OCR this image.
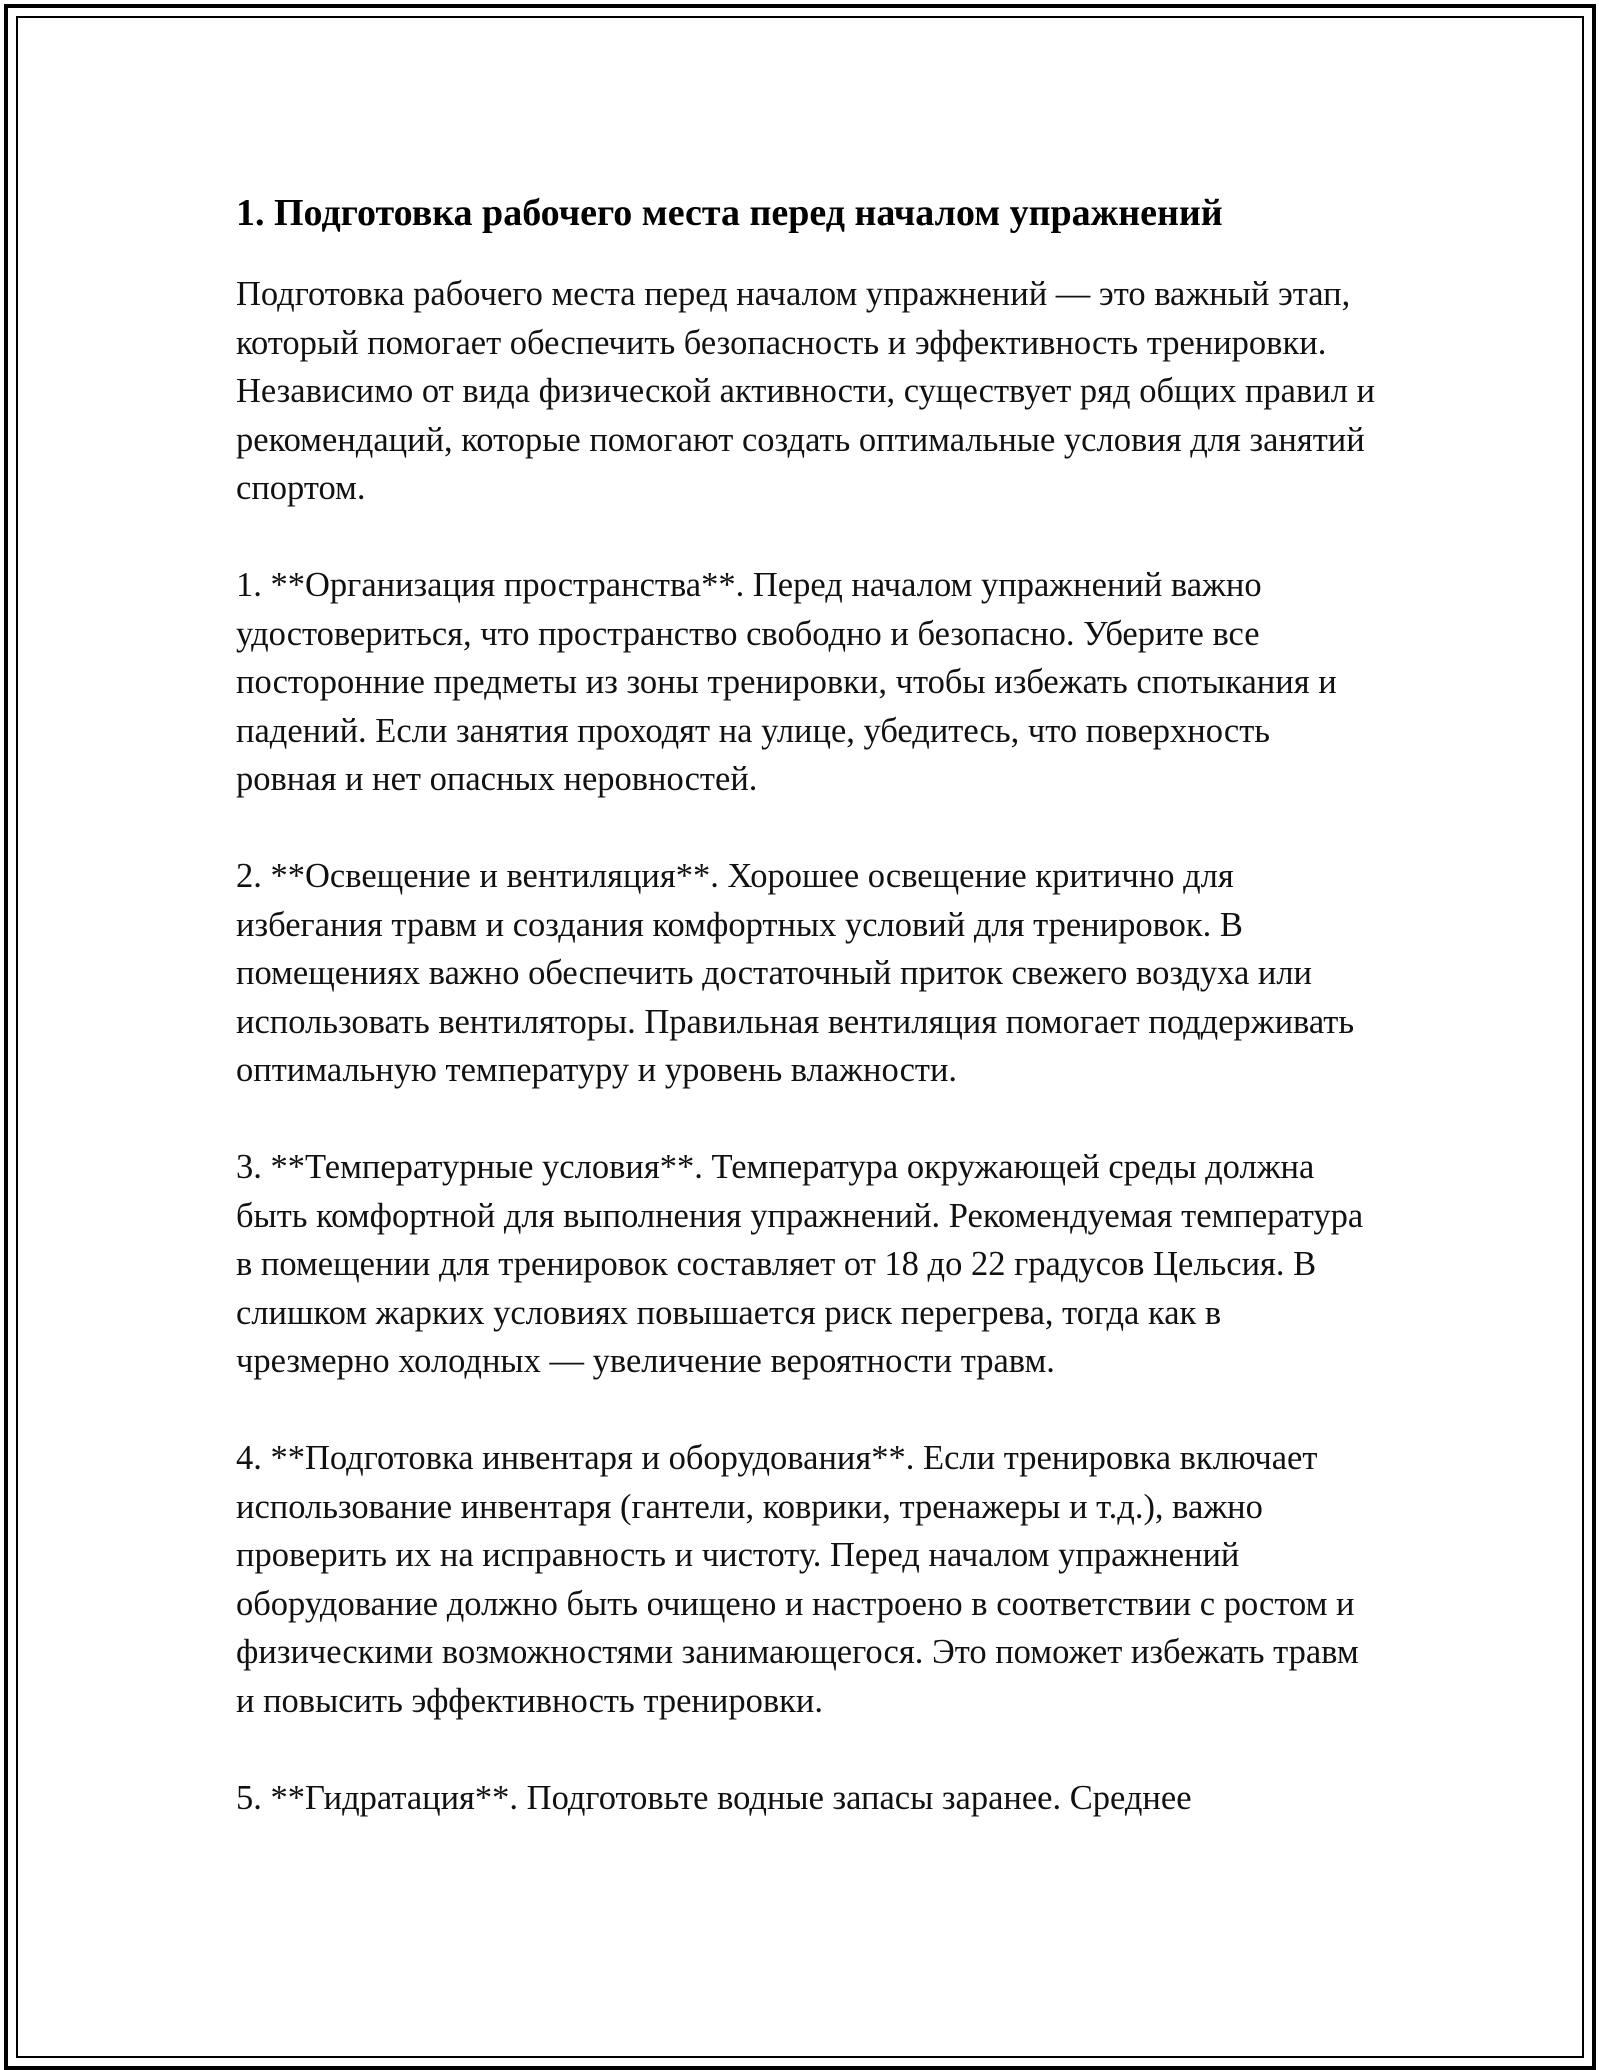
1. Подготовка рабочего места перед началом упражнений

Подготовка рабочего места перед началом упражнений — это важный этап, который помогает обеспечить безопасность и эффективность тренировки. Независимо от вида физической активности, существует ряд общих правил и рекомендаций, которые помогают создать оптимальные условия для занятий спортом.

1. **Организация пространства**. Перед началом упражнений важно удостовериться, что пространство свободно и безопасно. Уберите все посторонние предметы из зоны тренировки, чтобы избежать спотыкания и падений. Если занятия проходят на улице, убедитесь, что поверхность ровная и нет опасных неровностей.

2. **Освещение и вентиляция**. Хорошее освещение критично для избегания травм и создания комфортных условий для тренировок. В помещениях важно обеспечить достаточный приток свежего воздуха или использовать вентиляторы. Правильная вентиляция помогает поддерживать оптимальную температуру и уровень влажности.

3. **Температурные условия**. Температура окружающей среды должна быть комфортной для выполнения упражнений. Рекомендуемая температура в помещении для тренировок составляет от 18 до 22 градусов Цельсия. В слишком жарких условиях повышается риск перегрева, тогда как в чрезмерно холодных — увеличение вероятности травм.

4. **Подготовка инвентаря и оборудования**. Если тренировка включает использование инвентаря (гантели, коврики, тренажеры и т.д.), важно проверить их на исправность и чистоту. Перед началом упражнений оборудование должно быть очищено и настроено в соответствии с ростом и физическими возможностями занимающегося. Это поможет избежать травм и повысить эффективность тренировки.

5. **Гидратация**. Подготовьте водные запасы заранее. Среднее
